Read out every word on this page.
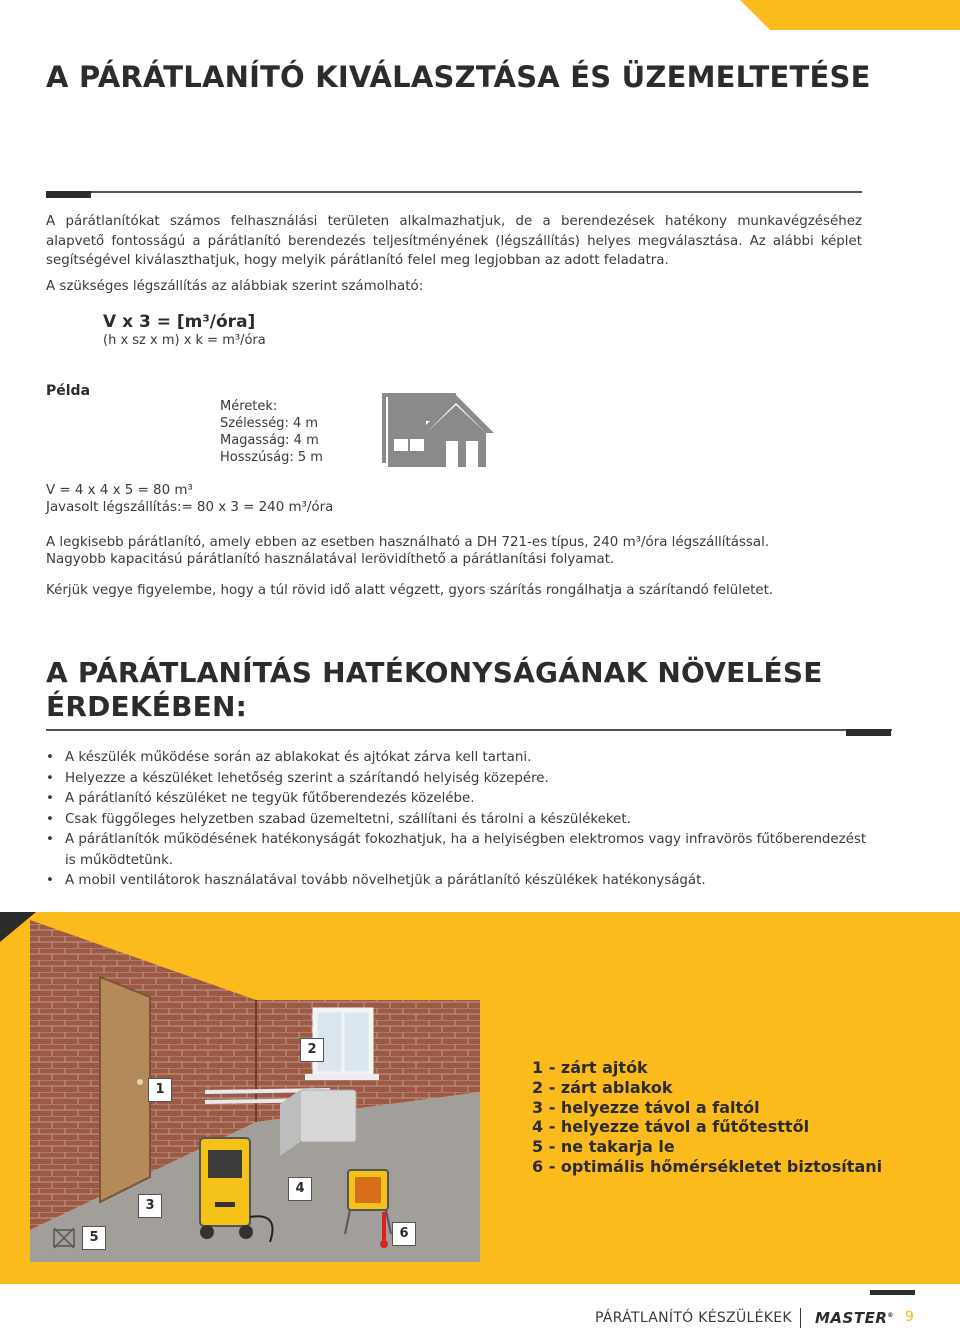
A PÁRÁTLANÍTÓ KIVÁLASZTÁSA ÉS ÜZEMELTETÉSE

A párátlanítókat számos felhasználási területen alkalmazhatjuk, de a berendezések hatékony munkavégzéséhez alapvető fontosságú a párátlanító berendezés teljesítményének (légszállítás) helyes megválasztása. Az alábbi képlet segítségével kiválaszthatjuk, hogy melyik párátlanító felel meg legjobban az adott feladatra.

A szükséges légszállítás az alábbiak szerint számolható:

V x 3 = [m³/óra]
(h x sz x m) x k = m³/óra
Példa
Méretek:
Szélesség: 4 m
Magasság: 4 m
Hosszúság: 5 m
V = 4 x 4 x 5 = 80 m³
Javasolt légszállítás:= 80 x 3 = 240 m³/óra

A legkisebb párátlanító, amely ebben az esetben használható a DH 721-es típus, 240 m³/óra légszállítással.

Nagyobb kapacitású párátlanító használatával lerövidíthető a párátlanítási folyamat.

Kérjük vegye figyelembe, hogy a túl rövid idő alatt végzett, gyors szárítás rongálhatja a szárítandó felületet.

A PÁRÁTLANÍTÁS HATÉKONYSÁGÁNAK NÖVELÉSE
ÉRDEKÉBEN:
• A készülék működése során az ablakokat és ajtókat zárva kell tartani.
• Helyezze a készüléket lehetőség szerint a szárítandó helyiség közepére.
• A párátlanító készüléket ne tegyük fűtőberendezés közelébe.
• Csak függőleges helyzetben szabad üzemeltetni, szállítani és tárolni a készülékeket.
• A párátlanítók működésének hatékonyságát fokozhatjuk, ha a helyiségben elektromos vagy infravörös fűtőberendezést is működtetünk.
• A mobil ventilátorok használatával tovább növelhetjük a párátlanító készülékek hatékonyságát.
1
2
3
4
5	6
1 - zárt ajtók
2 - zárt ablakok
3 - helyezze távol a faltól
4 - helyezze távol a fűtőtesttől
5 - ne takarja le
6 - optimális hőmérsékletet biztosítani
PÁRÁTLANÍTÓ KÉSZÜLÉKEK MASTER® 9
